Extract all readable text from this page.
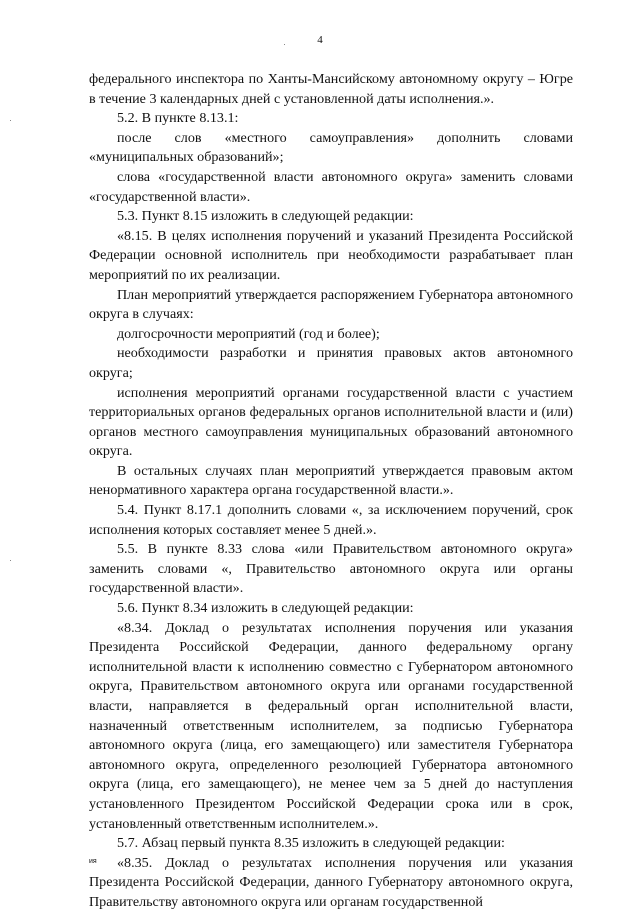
4

федерального инспектора по Ханты-Мансийскому автономному округу – Югре в течение 3 календарных дней с установленной даты исполнения.».

5.2. В пункте 8.13.1:

после слов «местного самоуправления» дополнить словами «муниципальных образований»;

слова «государственной власти автономного округа» заменить словами «государственной власти».

5.3. Пункт 8.15 изложить в следующей редакции:

«8.15. В целях исполнения поручений и указаний Президента Российской Федерации основной исполнитель при необходимости разрабатывает план мероприятий по их реализации.

План мероприятий утверждается распоряжением Губернатора автономного округа в случаях:

долгосрочности мероприятий (год и более);

необходимости разработки и принятия правовых актов автономного округа;

исполнения мероприятий органами государственной власти с участием территориальных органов федеральных органов исполнительной власти и (или) органов местного самоуправления муниципальных образований автономного округа.

В остальных случаях план мероприятий утверждается правовым актом ненормативного характера органа государственной власти.».

5.4. Пункт 8.17.1 дополнить словами «, за исключением поручений, срок исполнения которых составляет менее 5 дней.».

5.5. В пункте 8.33 слова «или Правительством автономного округа» заменить словами «, Правительство автономного округа или органы государственной власти».

5.6. Пункт 8.34 изложить в следующей редакции:

«8.34. Доклад о результатах исполнения поручения или указания Президента Российской Федерации, данного федеральному органу исполнительной власти к исполнению совместно с Губернатором автономного округа, Правительством автономного округа или органами государственной власти, направляется в федеральный орган исполнительной власти, назначенный ответственным исполнителем, за подписью Губернатора автономного округа (лица, его замещающего) или заместителя Губернатора автономного округа, определенного резолюцией Губернатора автономного округа (лица, его замещающего), не менее чем за 5 дней до наступления установленного Президентом Российской Федерации срока или в срок, установленный ответственным исполнителем.».

5.7. Абзац первый пункта 8.35 изложить в следующей редакции:

«8.35. Доклад о результатах исполнения поручения или указания Президента Российской Федерации, данного Губернатору автономного округа, Правительству автономного округа или органам государственной

ия
